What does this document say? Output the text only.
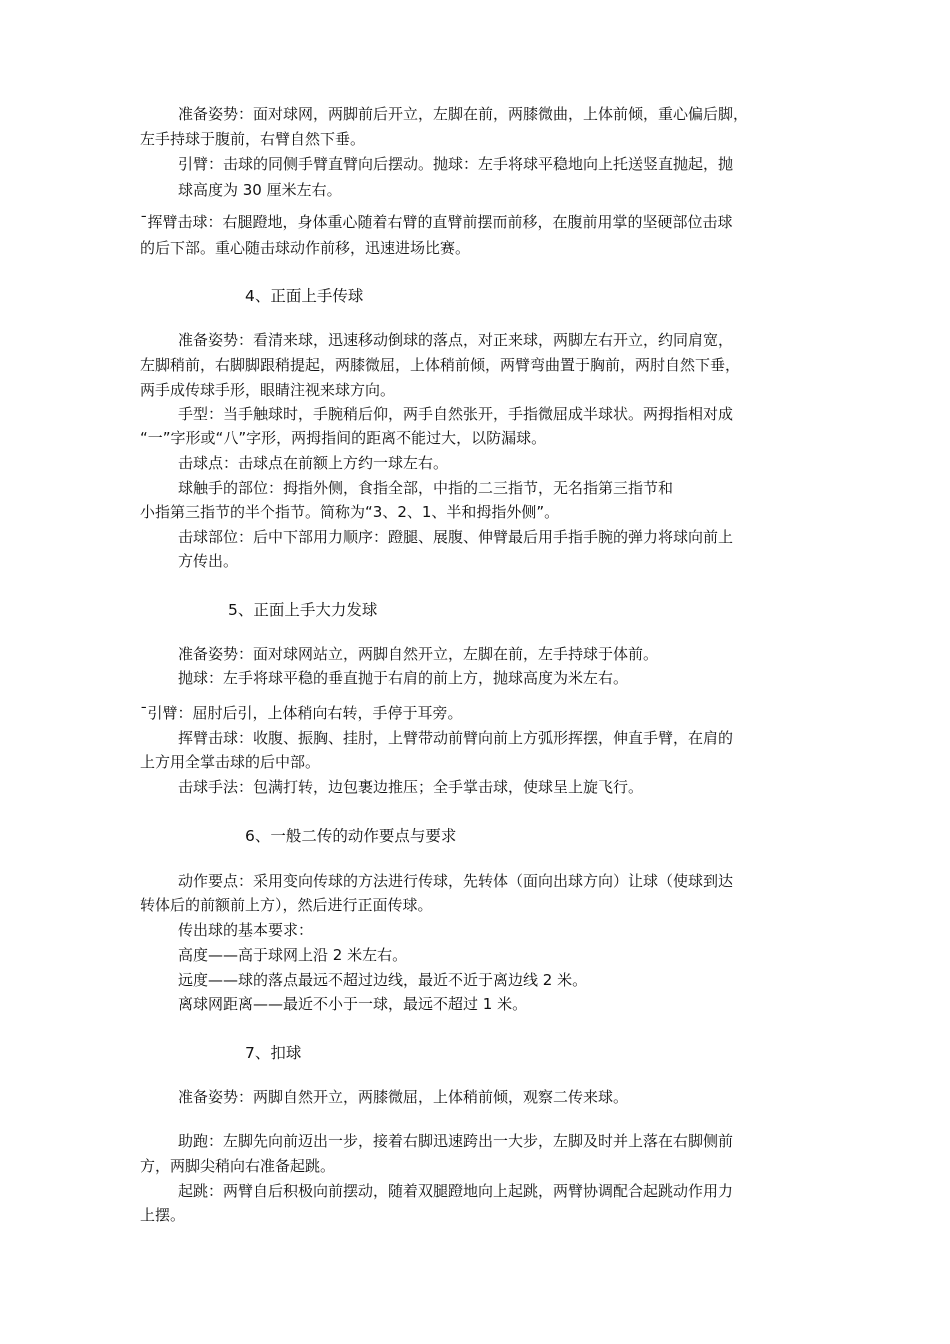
准备姿势：面对球网，两脚前后开立，左脚在前，两膝微曲，上体前倾，重心偏后脚，
左手持球于腹前，右臂自然下垂。
引臂：击球的同侧手臂直臂向后摆动。抛球：左手将球平稳地向上托送竖直抛起，抛
球高度为 30 厘米左右。
¯挥臂击球：右腿蹬地，身体重心随着右臂的直臂前摆而前移，在腹前用掌的坚硬部位击球
的后下部。重心随击球动作前移，迅速进场比赛。
4、正面上手传球
准备姿势：看清来球，迅速移动倒球的落点，对正来球，两脚左右开立，约同肩宽，
左脚稍前，右脚脚跟稍提起，两膝微屈，上体稍前倾，两臂弯曲置于胸前，两肘自然下垂，
两手成传球手形，眼睛注视来球方向。
手型：当手触球时，手腕稍后仰，两手自然张开，手指微屈成半球状。两拇指相对成
“一”字形或“八”字形，两拇指间的距离不能过大，以防漏球。
击球点：击球点在前额上方约一球左右。
球触手的部位：拇指外侧，食指全部，中指的二三指节，无名指第三指节和
小指第三指节的半个指节。简称为“3、2、1、半和拇指外侧”。
击球部位：后中下部用力顺序：蹬腿、展腹、伸臂最后用手指手腕的弹力将球向前上
方传出。
5、正面上手大力发球
准备姿势：面对球网站立，两脚自然开立，左脚在前，左手持球于体前。
抛球：左手将球平稳的垂直抛于右肩的前上方，抛球高度为米左右。
¯引臂：屈肘后引，上体稍向右转，手停于耳旁。
挥臂击球：收腹、振胸、挂肘，上臂带动前臂向前上方弧形挥摆，伸直手臂，在肩的
上方用全掌击球的后中部。
击球手法：包满打转，边包裹边推压；全手掌击球，使球呈上旋飞行。
6、一般二传的动作要点与要求
动作要点：采用变向传球的方法进行传球，先转体（面向出球方向）让球（使球到达
转体后的前额前上方），然后进行正面传球。
传出球的基本要求：
高度——高于球网上沿 2 米左右。
远度——球的落点最远不超过边线，最近不近于离边线 2 米。
离球网距离——最近不小于一球，最远不超过 1 米。
7、扣球
准备姿势：两脚自然开立，两膝微屈，上体稍前倾，观察二传来球。
助跑：左脚先向前迈出一步，接着右脚迅速跨出一大步，左脚及时并上落在右脚侧前
方，两脚尖稍向右准备起跳。
起跳：两臂自后积极向前摆动，随着双腿蹬地向上起跳，两臂协调配合起跳动作用力
上摆。
